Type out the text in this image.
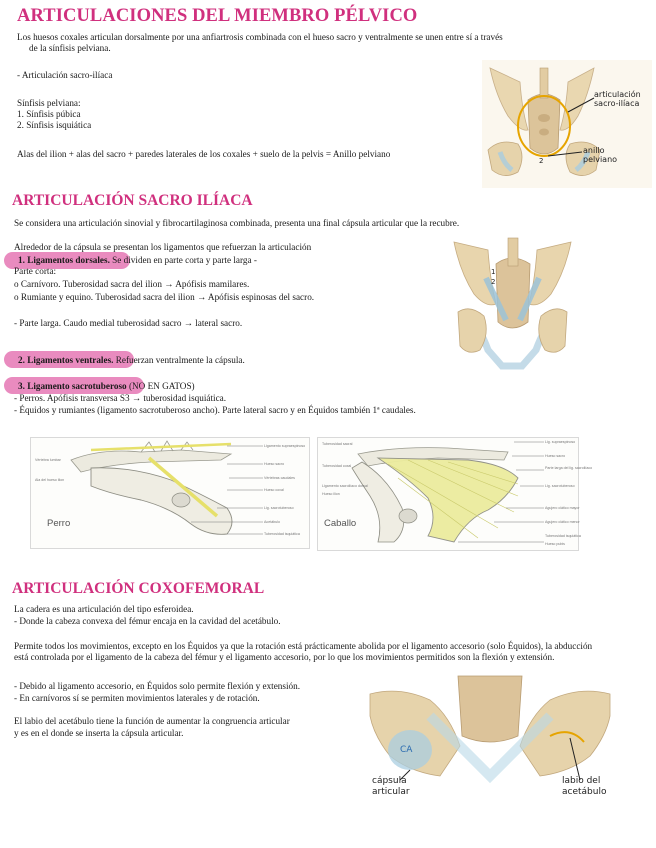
ARTICULACIONES DEL MIEMBRO PÉLVICO
Los huesos coxales articulan dorsalmente por una anfiartrosis combinada con el hueso sacro y ventralmente se unen entre sí a través
de la sínfisis pelviana.
- Articulación sacro-ilíaca
Sínfisis pelviana:
1. Sínfisis púbica
2. Sínfisis isquiática
Alas del ilion + alas del sacro + paredes laterales de los coxales + suelo de la pelvis = Anillo pelviano
2
articulación sacro-ilíaca
anillo pelviano
ARTICULACIÓN SACRO ILÍACA
Se considera una articulación sinovial y fibrocartilaginosa combinada, presenta una final cápsula articular que la recubre.
Alrededor de la cápsula se presentan los ligamentos que refuerzan la articulación
1. Ligamentos dorsales. Se dividen en parte corta y parte larga -
Parte corta:
o Carnívoro. Tuberosidad sacra del ilion → Apófisis mamilares.
o Rumiante y equino. Tuberosidad sacra del ilion → Apófisis espinosas del sacro.
- Parte larga. Caudo medial tuberosidad sacro → lateral sacro.
2. Ligamentos ventrales. Refuerzan ventralmente la cápsula.
3. Ligamento sacrotuberoso (NO EN GATOS)
- Perros. Apófisis transversa S3 → tuberosidad isquiática.
- Équidos y rumiantes (ligamento sacrotuberoso ancho). Parte lateral sacro y en Équidos también 1ª caudales.
1
2
Vértebra lumbar
Ala del hueso ilion
Ligamento supraespinoso
Hueso sacro
Vértebras caudales
Hueso coxal
Lig. sacrotuberoso
Acetábulo
Tuberosidad isquiática
Perro
Tuberosidad sacral
Tuberosidad coxal
Ligamento sacroilíaco dorsal
Hueso ilion
Lig. supraespinoso
Hueso sacro
Parte larga del lig. sacroilíaco
Lig. sacrotuberoso
Agujero ciático mayor
Agujero ciático menor
Tuberosidad isquiática
Hueso pubis
Caballo
ARTICULACIÓN COXOFEMORAL
La cadera es una articulación del tipo esferoidea.
- Donde la cabeza convexa del fémur encaja en la cavidad del acetábulo.
Permite todos los movimientos, excepto en los Équidos ya que la rotación está prácticamente abolida por el ligamento accesorio (solo Équidos), la abducción está controlada por el ligamento de la cabeza del fémur y el ligamento accesorio, por lo que los movimientos permitidos son la flexión y extensión.
- Debido al ligamento accesorio, en Équidos solo permite flexión y extensión.
- En carnívoros sí se permiten movimientos laterales y de rotación.
El labio del acetábulo tiene la función de aumentar la congruencia articular
y es en el donde se inserta la cápsula articular.
CA
cápsula articular
labio del acetábulo
